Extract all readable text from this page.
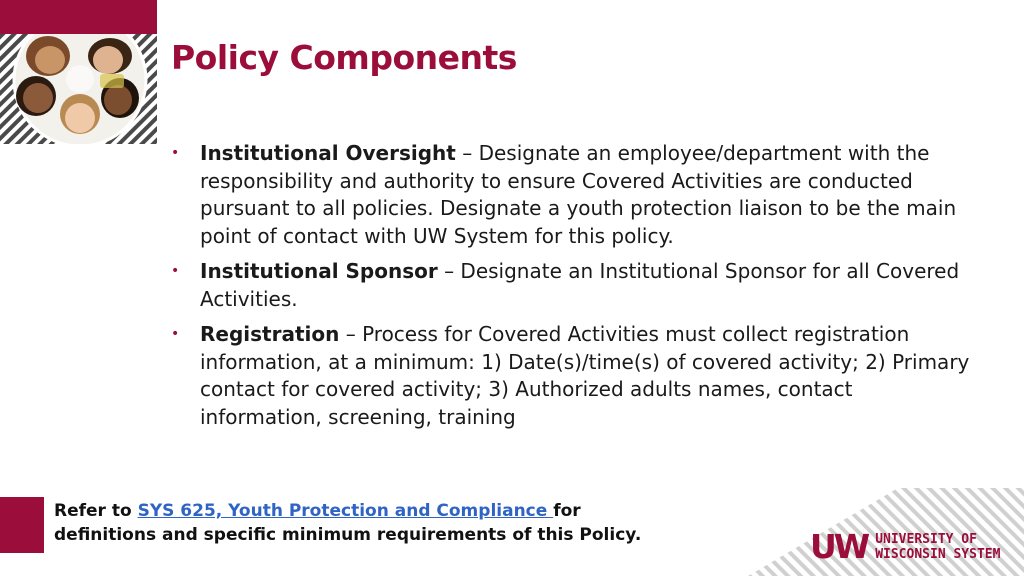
Policy Components
• Institutional Oversight – Designate an employee/department with the responsibility and authority to ensure Covered Activities are conducted pursuant to all policies. Designate a youth protection liaison to be the main point of contact with UW System for this policy.
• Institutional Sponsor – Designate an Institutional Sponsor for all Covered Activities.
• Registration – Process for Covered Activities must collect registration information, at a minimum: 1) Date(s)/time(s) of covered activity; 2) Primary contact for covered activity; 3) Authorized adults names, contact information, screening, training

Refer to SYS 625, Youth Protection and Compliance for definitions and specific minimum requirements of this Policy.	UW UNIVERSITY OF
WISCONSIN SYSTEM
